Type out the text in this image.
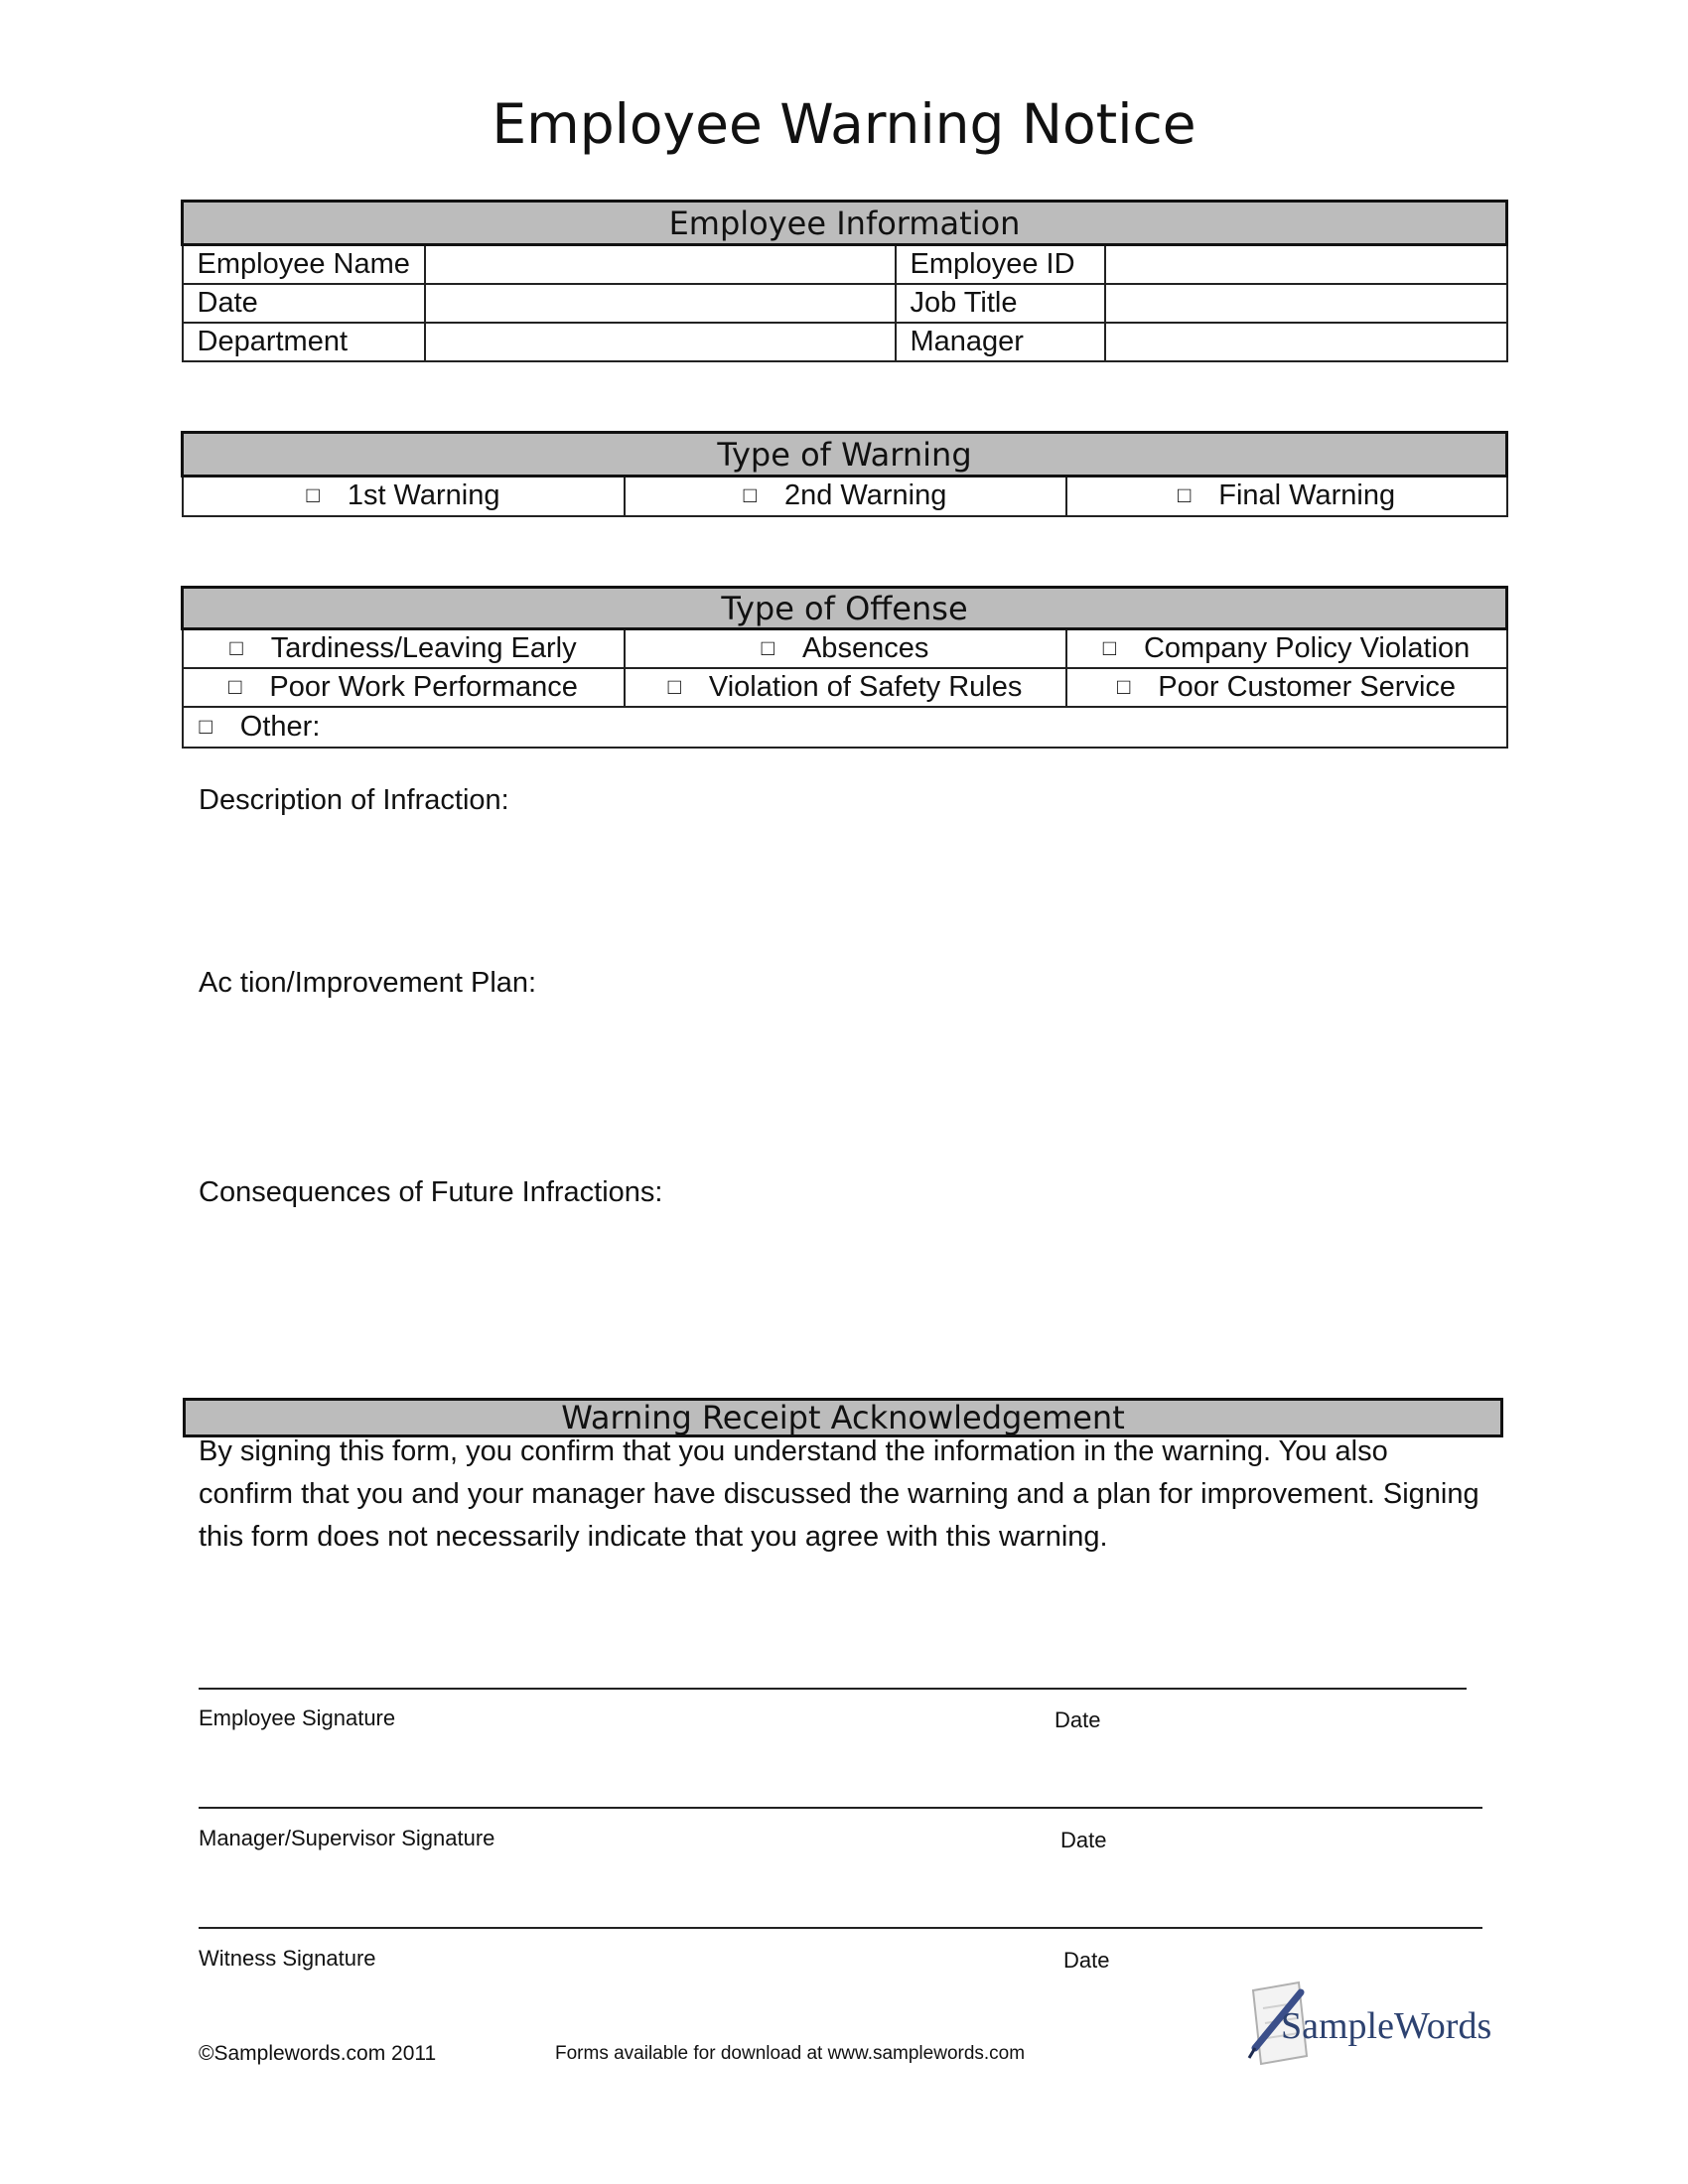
Employee Warning Notice
Employee Information			
Employee Name		Employee ID	
Date		Job Title	
Department		Manager	
Type of Warning
□ 1st Warning	□ 2nd Warning	□ Final Warning
Type of Offense		
□ Tardiness/Leaving Early	□ Absences	□ Company Policy Violation
□ Poor Work Performance	□ Violation of Safety Rules	□ Poor Customer Service
□ Other:		
Description of Infraction:
Ac tion/Improvement Plan:
Consequences of Future Infractions:
Warning Receipt Acknowledgement
By signing this form, you confirm that you understand the information in the warning. You also confirm that you and your manager have discussed the warning and a plan for improvement. Signing this form does not necessarily indicate that you agree with this warning.
Employee Signature	Date
Manager/Supervisor Signature	Date
Witness Signature	Date
©Samplewords.com 2011	Forms available for download at www.samplewords.com
SampleWords
